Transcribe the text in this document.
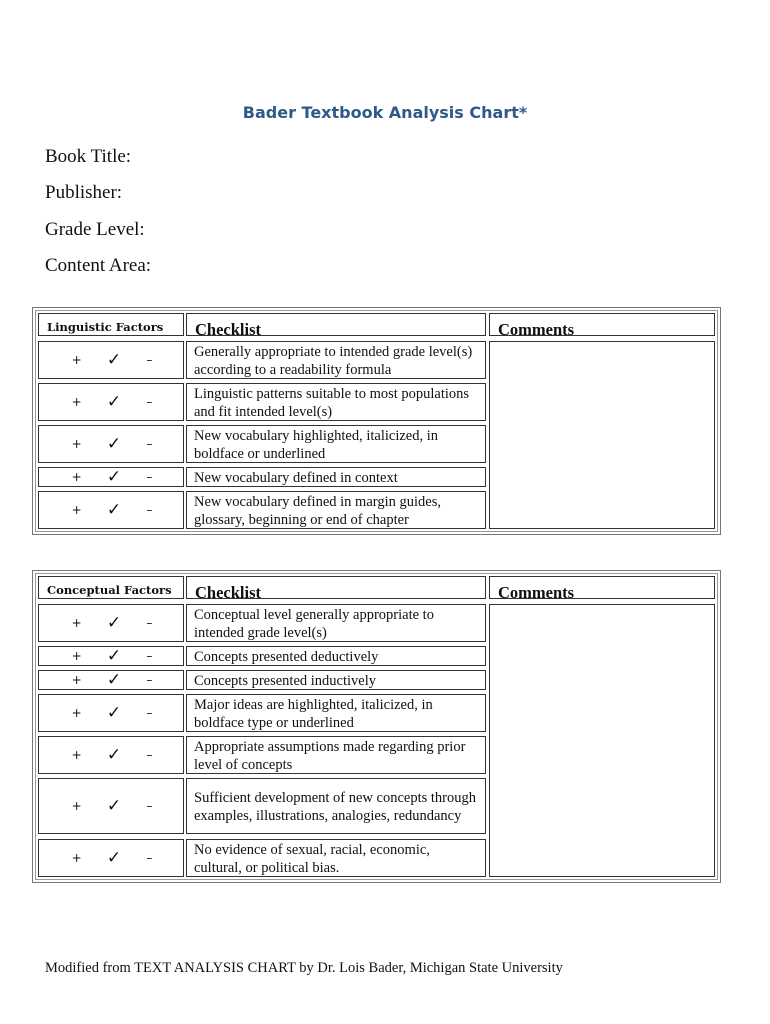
Bader Textbook Analysis Chart*
Book Title:
Publisher:
Grade Level:
Content Area:
Linguistic Factors	Checklist	Comments
+ ✓ –	Generally appropriate to intended grade level(s) according to a readability formula
+ ✓ –	Linguistic patterns suitable to most populations and fit intended level(s)
+ ✓ –	New vocabulary highlighted, italicized, in boldface or underlined
+ ✓ –	New vocabulary defined in context
+ ✓ –	New vocabulary defined in margin guides, glossary, beginning or end of chapter
Conceptual Factors	Checklist	Comments
+ ✓ –	Conceptual level generally appropriate to intended grade level(s)
+ ✓ –	Concepts presented deductively
+ ✓ –	Concepts presented inductively
+ ✓ –	Major ideas are highlighted, italicized, in boldface type or underlined
+ ✓ –	Appropriate assumptions made regarding prior level of concepts
+ ✓ –	Sufficient development of new concepts through examples, illustrations, analogies, redundancy
+ ✓ –	No evidence of sexual, racial, economic, cultural, or political bias.
Modified from TEXT ANALYSIS CHART by Dr. Lois Bader, Michigan State University
